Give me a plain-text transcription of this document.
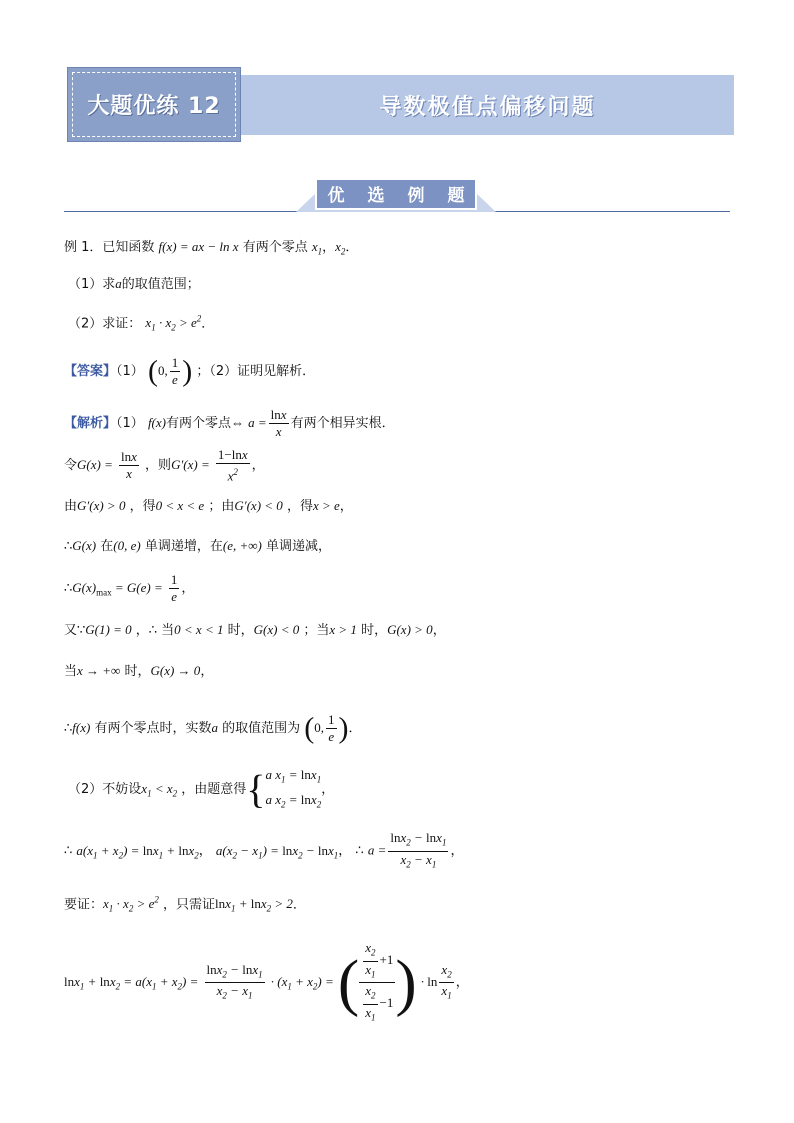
大题优练 12	导数极值点偏移问题
优 选 例 题
例 1．已知函数 f(x) = ax − ln x 有两个零点 $x_1$，$x_2$．
（1）求a的取值范围；
（2）求证： $x_1 \cdot x_2 > e^2$．
【答案】（1） (0, $\frac{1}{e}$ ) ；（2）证明见解析．
【解析】（1） f(x)有两个零点⇔ $a = \frac{\ln x}{x}$ 有两个相异实根．
令$G(x) = \frac{\ln x}{x}$ ，则$G'(x) = \frac{1-\ln x}{x^2}$ ，
由G′(x) > 0 ，得0 < x < e ；由G′(x) < 0 ，得x > e，
∴G(x) 在(0, e) 单调递增，在(e, +∞) 单调递减，
$\therefore G(x)_{max} = G(e) = \frac{1}{e}$ ，
又∵G(1) = 0 ，∴ 当0 < x < 1 时，G(x) < 0 ；当x > 1 时，G(x) > 0，
当x → +∞ 时，G(x) → 0，
∴f(x) 有两个零点时，实数a 的取值范围为 (0, $\frac{1}{e}$ )．
（2）不妨设$x_1 < x_2$ ，由题意得{ a $x_1 = \ln x_1$
a $x_2 = \ln x_2$
，
∴ $a(x_1 + x_2) = \ln x_1 + \ln x_2$， $a(x_2 - x_1) = \ln x_2 - \ln x_1$， ∴ $a = \frac{\ln x_2 - \ln x_1}{x_2 - x_1}$ ，
要证：$x_1 \cdot x_2 > e^2$ ，只需证lnx$_1$ + lnx$_2$ > 2．
$\ln x_1 + \ln x_2 = a(x_1 + x_2) = \frac{\ln x_2 - \ln x_1}{x_2 - x_1} \cdot (x_1 + x_2)$ = ( $\frac{\frac{x_2}{x_1} +1}{\frac{x_2}{x_1} -1}$ ) · $\ln \frac{x_2}{x_1}$ ，
